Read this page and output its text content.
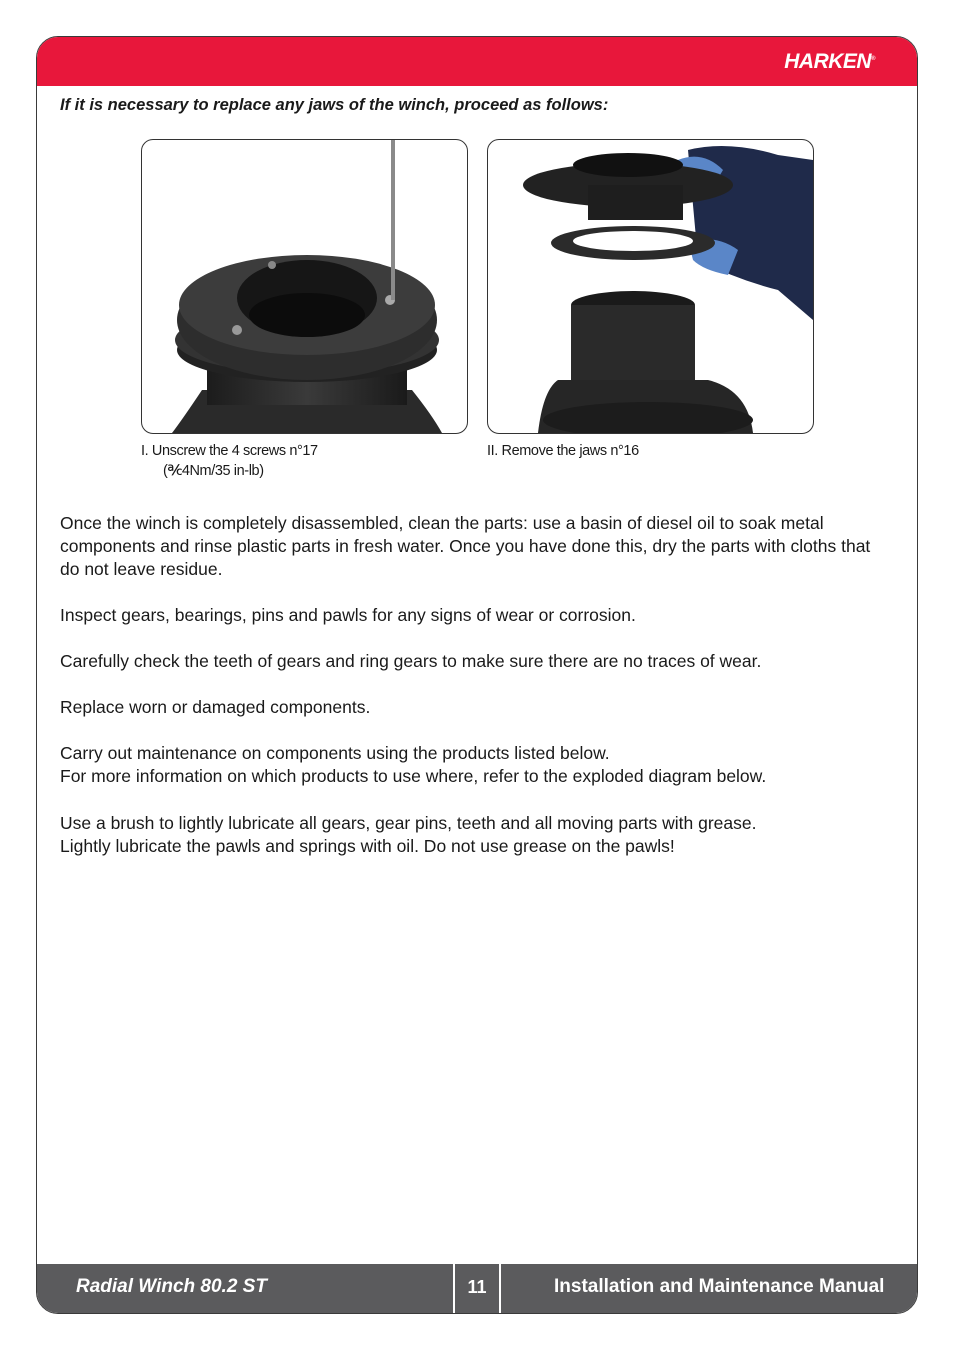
HARKEN®

If it is necessary to replace any jaws of the winch, proceed as follows:

I. Unscrew the 4 screws n°17
(℀4Nm/35 in-lb)

II. Remove the jaws n°16

Once the winch is completely disassembled, clean the parts: use a basin of diesel oil to soak metal components and rinse plastic parts in fresh water. Once you have done this, dry the parts with cloths that do not leave residue.

Inspect gears, bearings, pins and pawls for any signs of wear or corrosion.

Carefully check the teeth of gears and ring gears to make sure there are no traces of wear.

Replace worn or damaged components.

Carry out maintenance on components using the products listed below.

For more information on which products to use where, refer to the exploded diagram below.

Use a brush to lightly lubricate all gears, gear pins, teeth and all moving parts with grease.

Lightly lubricate the pawls and springs with oil. Do not use grease on the pawls!

Radial Winch 80.2 ST	11	Installation and Maintenance Manual
